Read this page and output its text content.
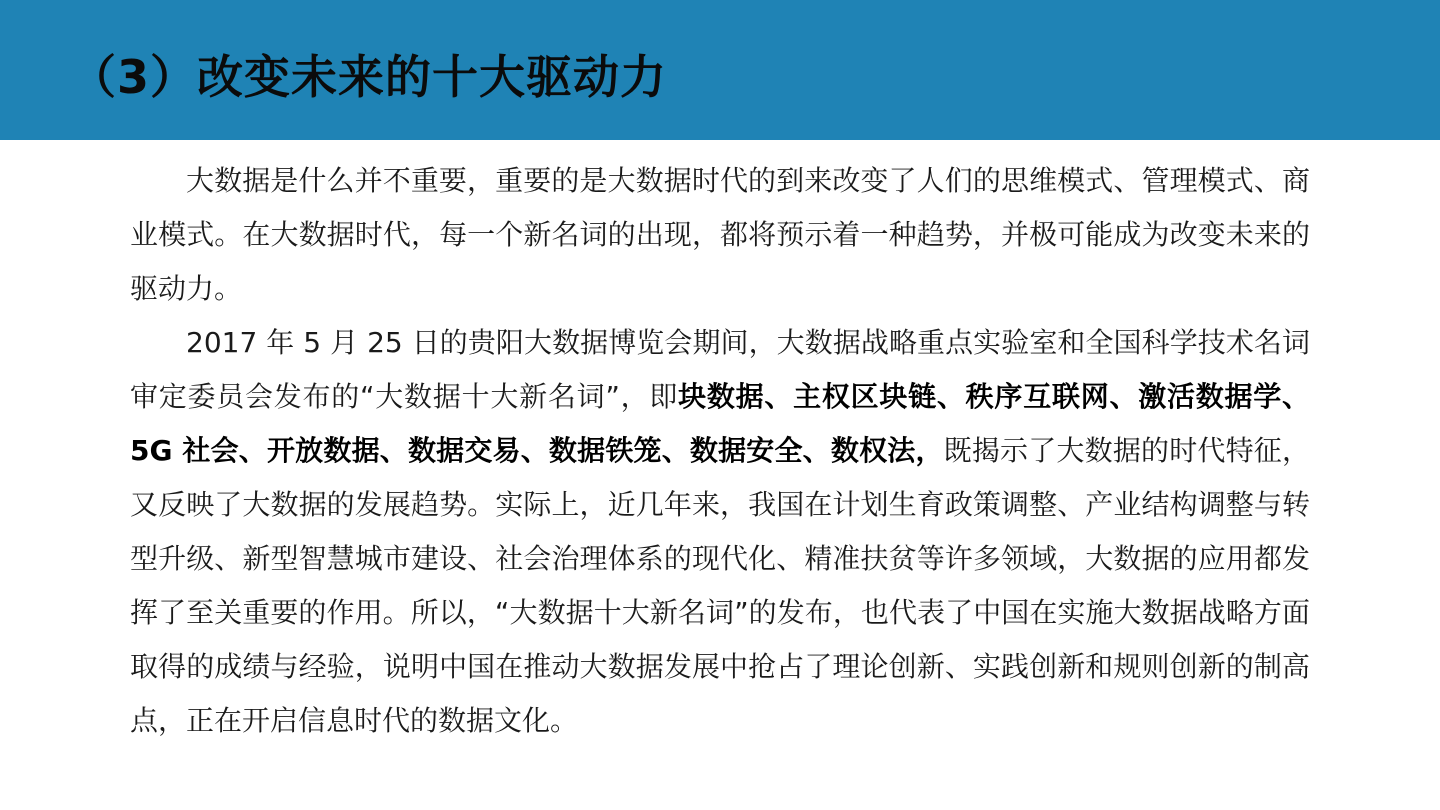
（3）改变未来的十大驱动力

大数据是什么并不重要，重要的是大数据时代的到来改变了人们的思维模式、管理模式、商业模式。在大数据时代，每一个新名词的出现，都将预示着一种趋势，并极可能成为改变未来的驱动力。

2017 年 5 月 25 日的贵阳大数据博览会期间，大数据战略重点实验室和全国科学技术名词审定委员会发布的“大数据十大新名词”，即块数据、主权区块链、秩序互联网、激活数据学、 5G 社会、开放数据、数据交易、数据铁笼、数据安全、数权法，既揭示了大数据的时代特征，又反映了大数据的发展趋势。实际上，近几年来，我国在计划生育政策调整、产业结构调整与转型升级、新型智慧城市建设、社会治理体系的现代化、精准扶贫等许多领域，大数据的应用都发挥了至关重要的作用。所以，“大数据十大新名词”的发布，也代表了中国在实施大数据战略方面取得的成绩与经验，说明中国在推动大数据发展中抢占了理论创新、实践创新和规则创新的制高点，正在开启信息时代的数据文化。
